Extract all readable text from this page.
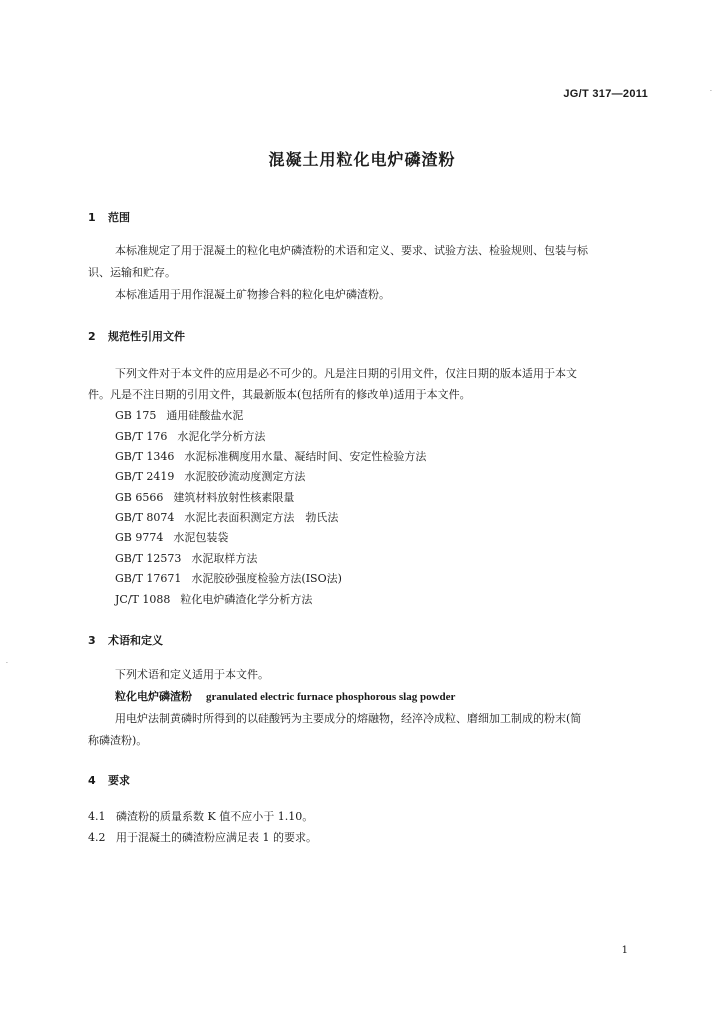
JG/T 317—2011
混凝土用粒化电炉磷渣粉
1 范围
本标准规定了用于混凝土的粒化电炉磷渣粉的术语和定义、要求、试验方法、检验规则、包装与标
识、运输和贮存。
本标准适用于用作混凝土矿物掺合料的粒化电炉磷渣粉。
2 规范性引用文件
下列文件对于本文件的应用是必不可少的。凡是注日期的引用文件，仅注日期的版本适用于本文
件。凡是不注日期的引用文件，其最新版本(包括所有的修改单)适用于本文件。
GB 175 通用硅酸盐水泥
GB/T 176 水泥化学分析方法
GB/T 1346 水泥标准稠度用水量、凝结时间、安定性检验方法
GB/T 2419 水泥胶砂流动度测定方法
GB 6566 建筑材料放射性核素限量
GB/T 8074 水泥比表面积测定方法　勃氏法
GB 9774 水泥包装袋
GB/T 12573 水泥取样方法
GB/T 17671 水泥胶砂强度检验方法(ISO法)
JC/T 1088 粒化电炉磷渣化学分析方法
3 术语和定义
下列术语和定义适用于本文件。
粒化电炉磷渣粉 granulated electric furnace phosphorous slag powder
用电炉法制黄磷时所得到的以硅酸钙为主要成分的熔融物，经淬冷成粒、磨细加工制成的粉末(简
称磷渣粉)。
4 要求
4.1 磷渣粉的质量系数 K 值不应小于 1.10。
4.2 用于混凝土的磷渣粉应满足表 1 的要求。
1
·
·
